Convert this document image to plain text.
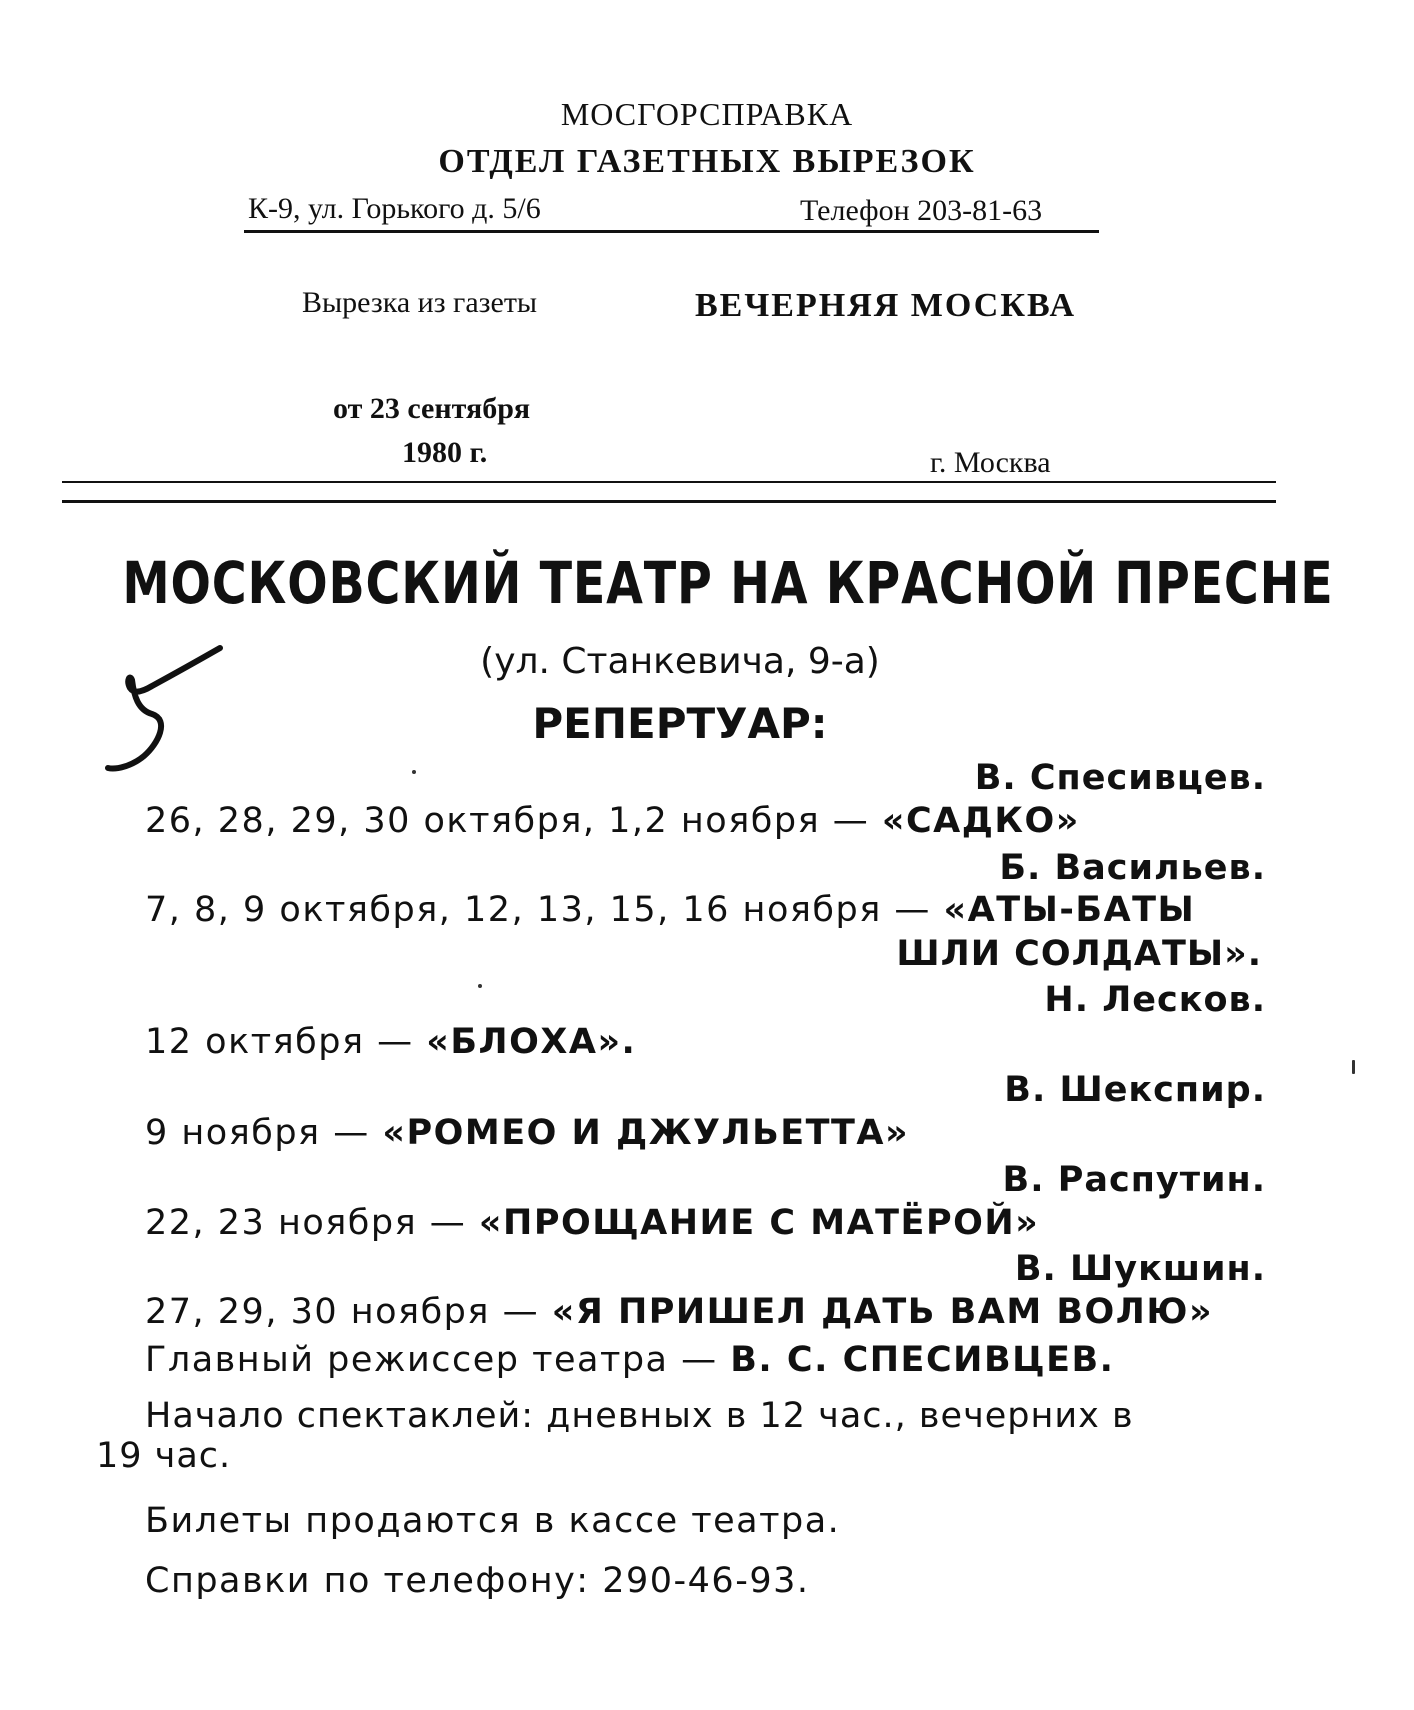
МОСГОРСПРАВКА
ОТДЕЛ ГАЗЕТНЫХ ВЫРЕЗОК
К-9, ул. Горького д. 5/6	Телефон 203-81-63
Вырезка из газеты	ВЕЧЕРНЯЯ МОСКВА
от 23 сентября
1980 г.	г. Москва
МОСКОВСКИЙ ТЕАТР НА КРАСНОЙ ПРЕСНЕ
(ул. Станкевича, 9-а)
РЕПЕРТУАР:
В. Спесивцев.
26, 28, 29, 30 октября, 1,2 ноября — «САДКО»
Б. Васильев.
7, 8, 9 октября, 12, 13, 15, 16 ноября — «АТЫ-БАТЫ
ШЛИ СОЛДАТЫ».
Н. Лесков.
12 октября — «БЛОХА».
В. Шекспир.
9 ноября — «РОМЕО И ДЖУЛЬЕТТА»
В. Распутин.
22, 23 ноября — «ПРОЩАНИЕ С МАТЁРОЙ»
В. Шукшин.
27, 29, 30 ноября — «Я ПРИШЕЛ ДАТЬ ВАМ ВОЛЮ»
Главный режиссер театра — В. С. СПЕСИВЦЕВ.
Начало спектаклей: дневных в 12 час., вечерних в
19 час.
Билеты продаются в кассе театра.
Справки по телефону: 290-46-93.
